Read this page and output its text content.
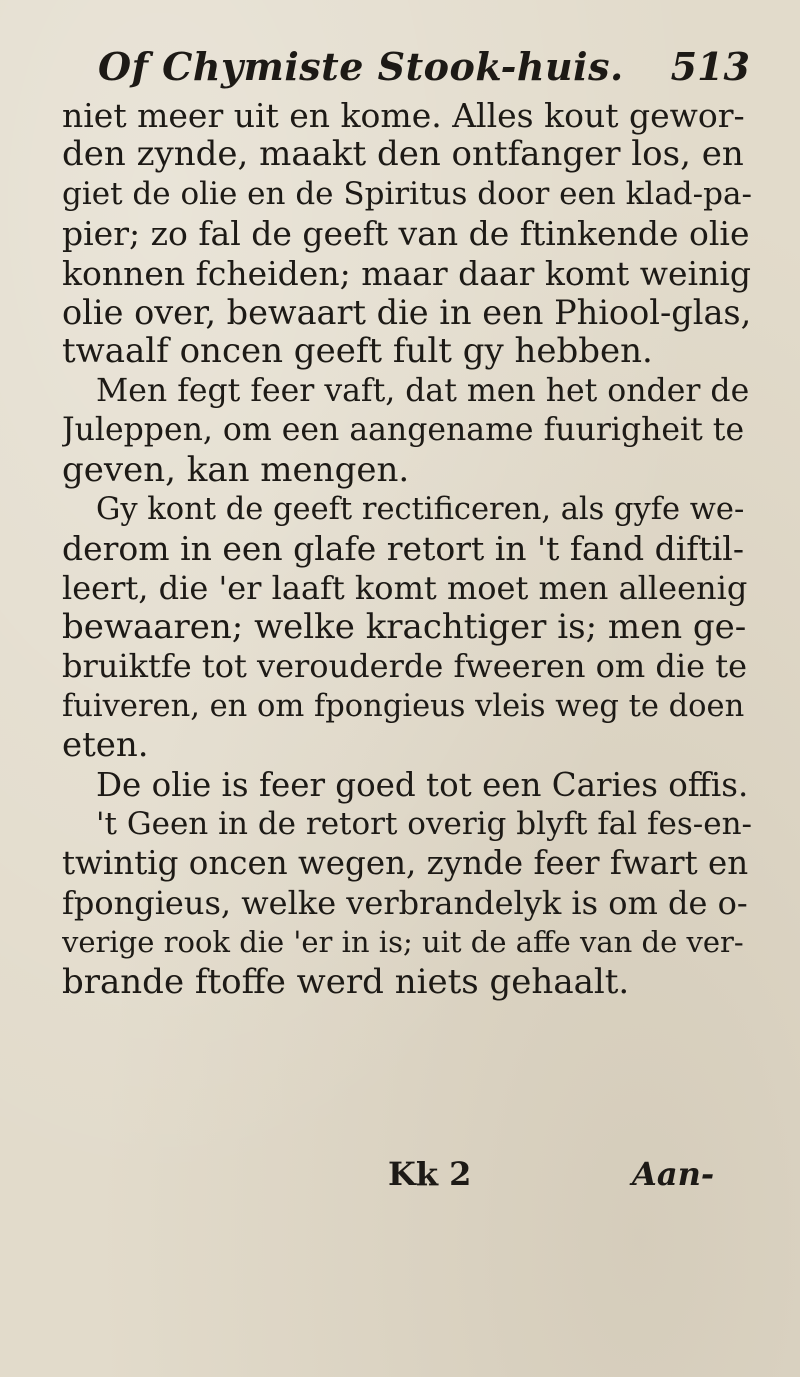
Of Chymiste Stook-huis. 513
niet meer uit en kome. Alles kout gewor-
den zynde, maakt den ontfanger los, en
giet de olie en de Spiritus door een klad-pa-
pier; zo fal de geeft van de ftinkende olie
konnen fcheiden; maar daar komt weinig
olie over, bewaart die in een Phiool-glas,
twaalf oncen geeft fult gy hebben.
Men fegt feer vaft, dat men het onder de
Juleppen, om een aangename fuurigheit te
geven, kan mengen.
Gy kont de geeft rectificeren, als gyfe we-
derom in een glafe retort in 't fand diftil-
leert, die 'er laaft komt moet men alleenig
bewaaren; welke krachtiger is; men ge-
bruiktfe tot verouderde fweeren om die te
fuiveren, en om fpongieus vleis weg te doen
eten.
De olie is feer goed tot een Caries offis.
't Geen in de retort overig blyft fal fes-en-
twintig oncen wegen, zynde feer fwart en
fpongieus, welke verbrandelyk is om de o-
verige rook die 'er in is; uit de affe van de ver-
brande ftoffe werd niets gehaalt.
Kk 2	Aan-
